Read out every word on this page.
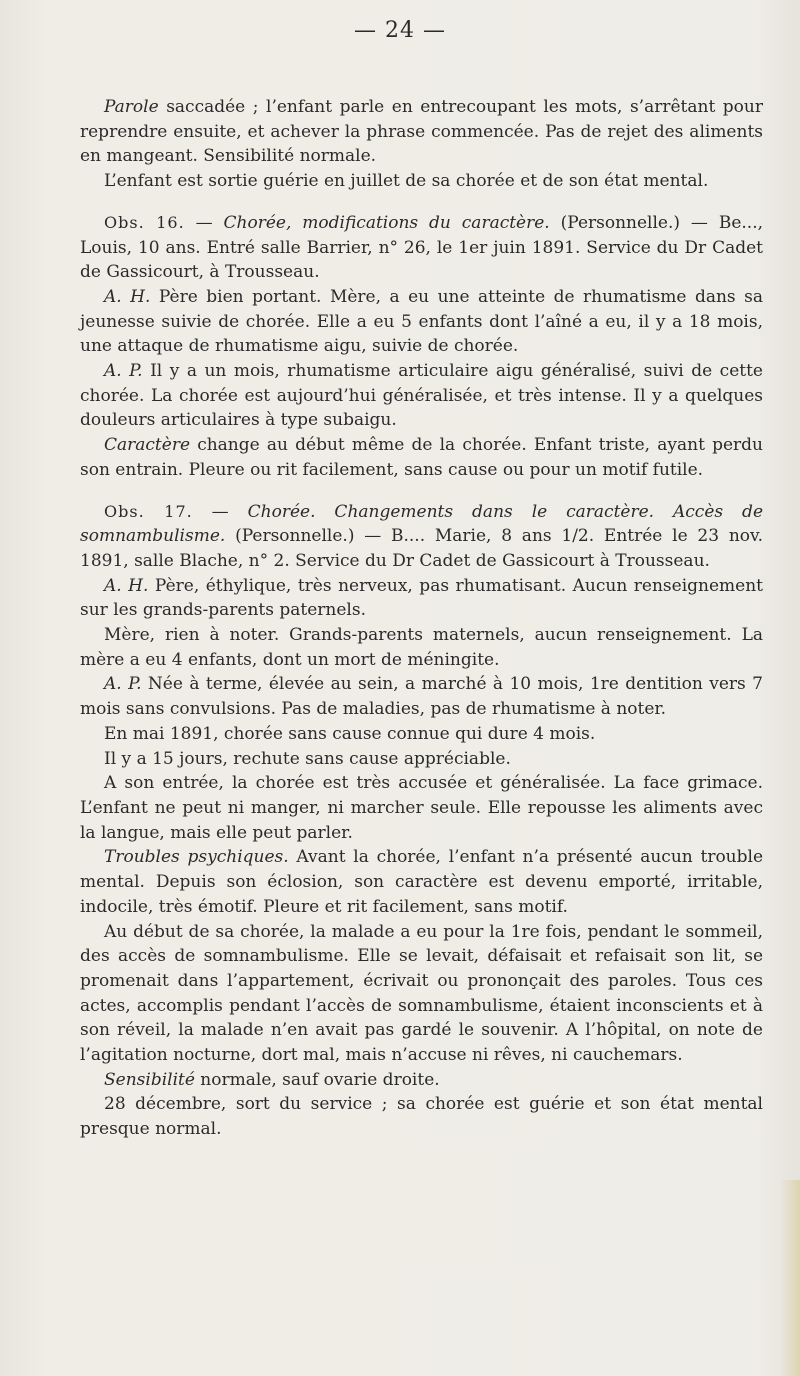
— 24 —

Parole saccadée ; l’enfant parle en entrecoupant les mots, s’arrêtant pour reprendre ensuite, et achever la phrase commencée. Pas de rejet des aliments en mangeant. Sensibilité normale.

L’enfant est sortie guérie en juillet de sa chorée et de son état mental.

Obs. 16. — Chorée, modifications du caractère. (Personnelle.) — Be..., Louis, 10 ans. Entré salle Barrier, n° 26, le 1er juin 1891. Service du Dr Cadet de Gassicourt, à Trousseau.

A. H. Père bien portant. Mère, a eu une atteinte de rhumatisme dans sa jeunesse suivie de chorée. Elle a eu 5 enfants dont l’aîné a eu, il y a 18 mois, une attaque de rhumatisme aigu, suivie de chorée.

A. P. Il y a un mois, rhumatisme articulaire aigu généralisé, suivi de cette chorée. La chorée est aujourd’hui généralisée, et très intense. Il y a quelques douleurs articulaires à type subaigu.

Caractère change au début même de la chorée. Enfant triste, ayant perdu son entrain. Pleure ou rit facilement, sans cause ou pour un motif futile.

Obs. 17. — Chorée. Changements dans le caractère. Accès de somnambulisme. (Personnelle.) — B.... Marie, 8 ans 1/2. Entrée le 23 nov. 1891, salle Blache, n° 2. Service du Dr Cadet de Gassicourt à Trousseau.

A. H. Père, éthylique, très nerveux, pas rhumatisant. Aucun renseignement sur les grands-parents paternels.

Mère, rien à noter. Grands-parents maternels, aucun renseignement. La mère a eu 4 enfants, dont un mort de méningite.

A. P. Née à terme, élevée au sein, a marché à 10 mois, 1re dentition vers 7 mois sans convulsions. Pas de maladies, pas de rhumatisme à noter.

En mai 1891, chorée sans cause connue qui dure 4 mois.

Il y a 15 jours, rechute sans cause appréciable.

A son entrée, la chorée est très accusée et généralisée. La face grimace. L’enfant ne peut ni manger, ni marcher seule. Elle repousse les aliments avec la langue, mais elle peut parler.

Troubles psychiques. Avant la chorée, l’enfant n’a présenté aucun trouble mental. Depuis son éclosion, son caractère est devenu emporté, irritable, indocile, très émotif. Pleure et rit facilement, sans motif.

Au début de sa chorée, la malade a eu pour la 1re fois, pendant le sommeil, des accès de somnambulisme. Elle se levait, défaisait et refaisait son lit, se promenait dans l’appartement, écrivait ou prononçait des paroles. Tous ces actes, accomplis pendant l’accès de somnambulisme, étaient inconscients et à son réveil, la malade n’en avait pas gardé le souvenir. A l’hôpital, on note de l’agitation nocturne, dort mal, mais n’accuse ni rêves, ni cauchemars.

Sensibilité normale, sauf ovarie droite.

28 décembre, sort du service ; sa chorée est guérie et son état mental presque normal.
